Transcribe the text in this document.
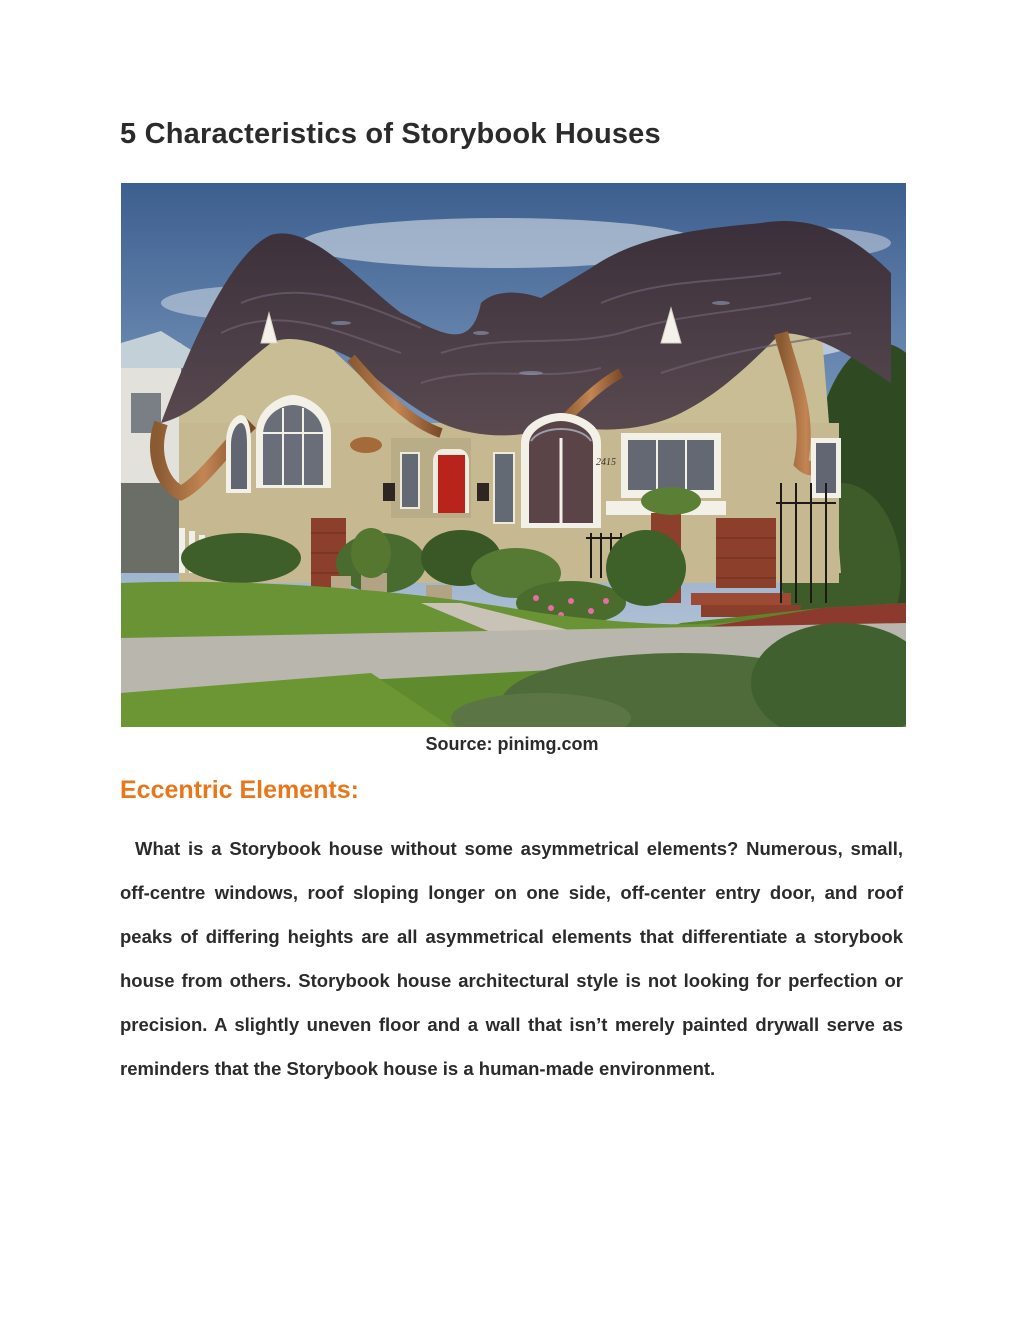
5 Characteristics of Storybook Houses
2415
Source: pinimg.com
Eccentric Elements:

What is a Storybook house without some asymmetrical elements? Numerous, small, off-centre windows, roof sloping longer on one side, off-center entry door, and roof peaks of differing heights are all asymmetrical elements that differentiate a storybook house from others. Storybook house architectural style is not looking for perfection or precision. A slightly uneven floor and a wall that isn’t merely painted drywall serve as reminders that the Storybook house is a human-made environment.
